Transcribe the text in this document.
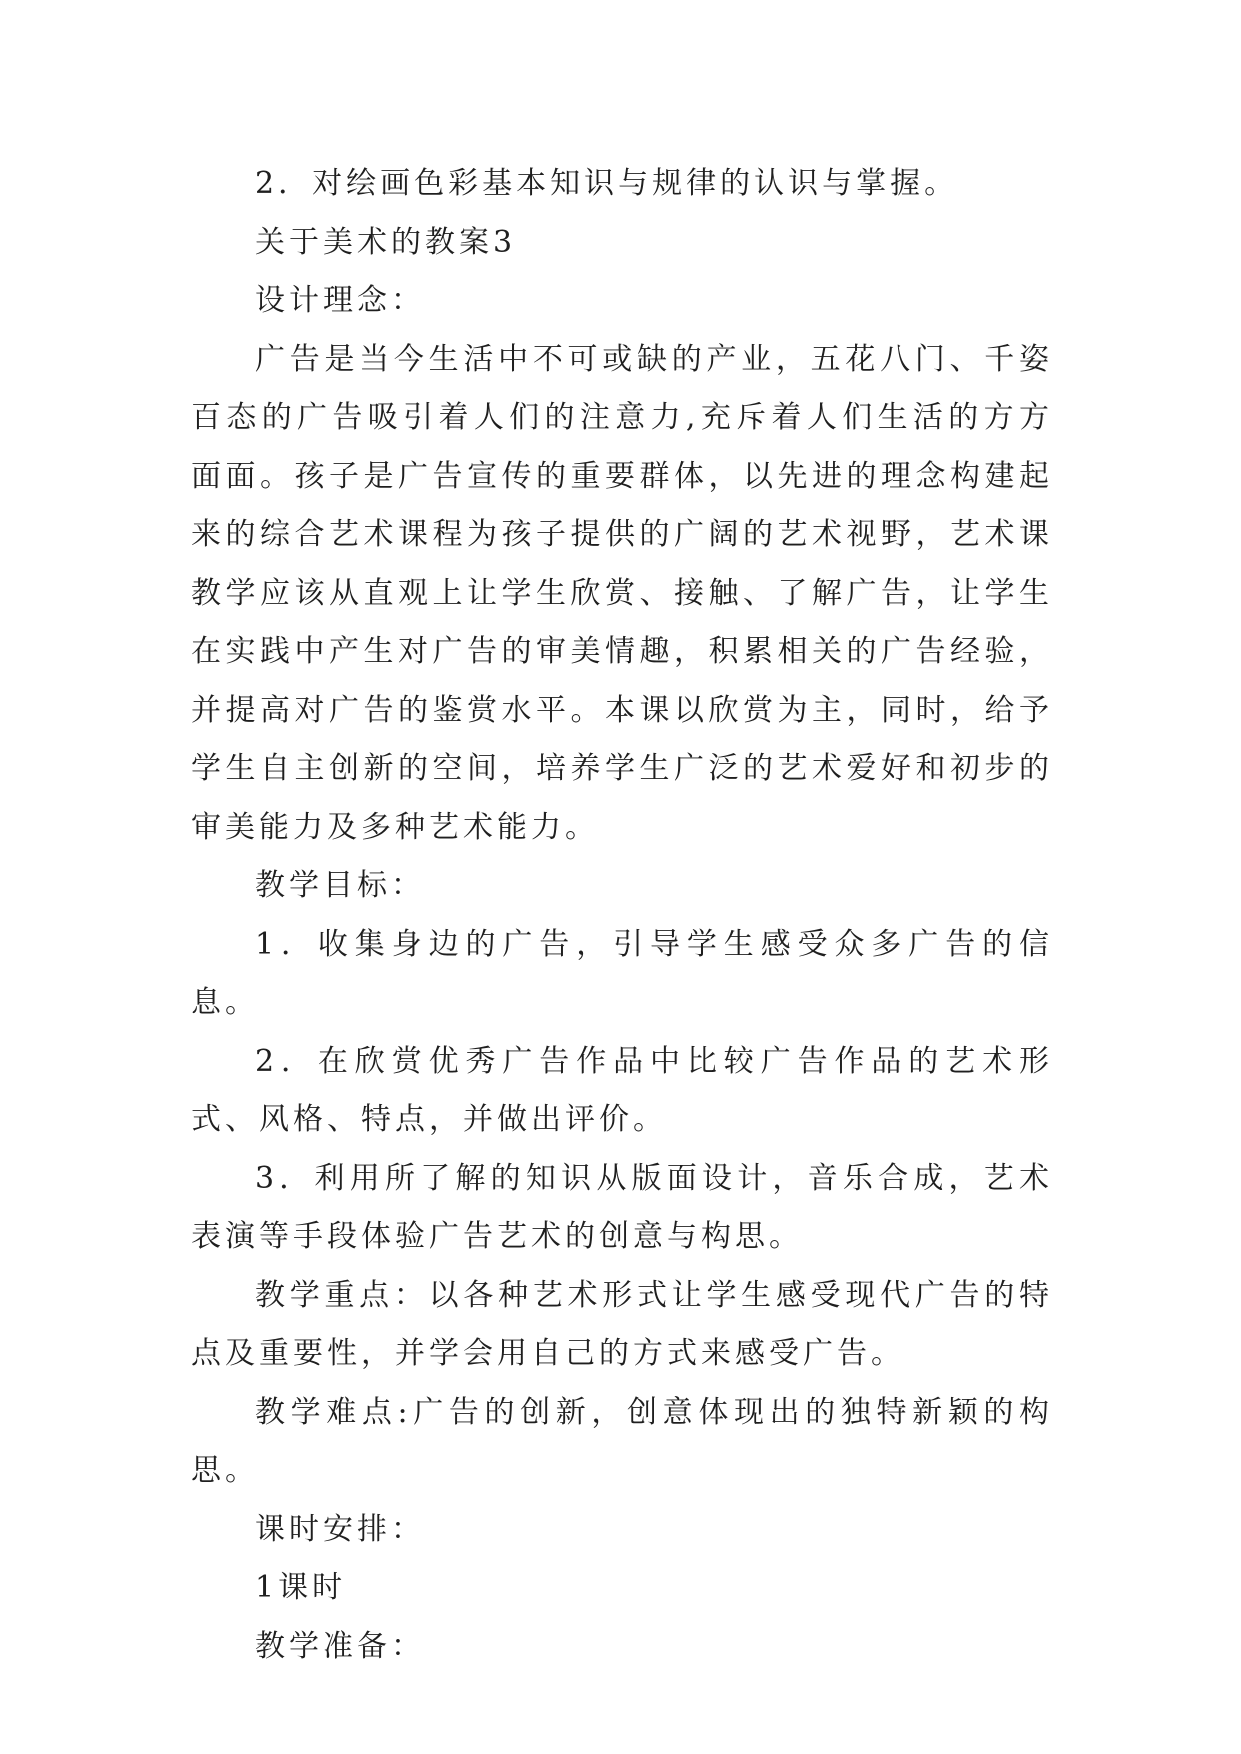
2．对绘画色彩基本知识与规律的认识与掌握。

关于美术的教案3

设计理念：

广告是当今生活中不可或缺的产业，五花八门、千姿百态的广告吸引着人们的注意力,充斥着人们生活的方方面面。孩子是广告宣传的重要群体，以先进的理念构建起来的综合艺术课程为孩子提供的广阔的艺术视野，艺术课教学应该从直观上让学生欣赏、接触、了解广告，让学生在实践中产生对广告的审美情趣，积累相关的广告经验，并提高对广告的鉴赏水平。本课以欣赏为主，同时，给予学生自主创新的空间，培养学生广泛的艺术爱好和初步的审美能力及多种艺术能力。

教学目标：

1．收集身边的广告，引导学生感受众多广告的信息。

2．在欣赏优秀广告作品中比较广告作品的艺术形式、风格、特点，并做出评价。

3．利用所了解的知识从版面设计，音乐合成，艺术表演等手段体验广告艺术的创意与构思。

教学重点：以各种艺术形式让学生感受现代广告的特点及重要性，并学会用自己的方式来感受广告。

教学难点:广告的创新，创意体现出的独特新颖的构思。

课时安排：

1课时

教学准备：
